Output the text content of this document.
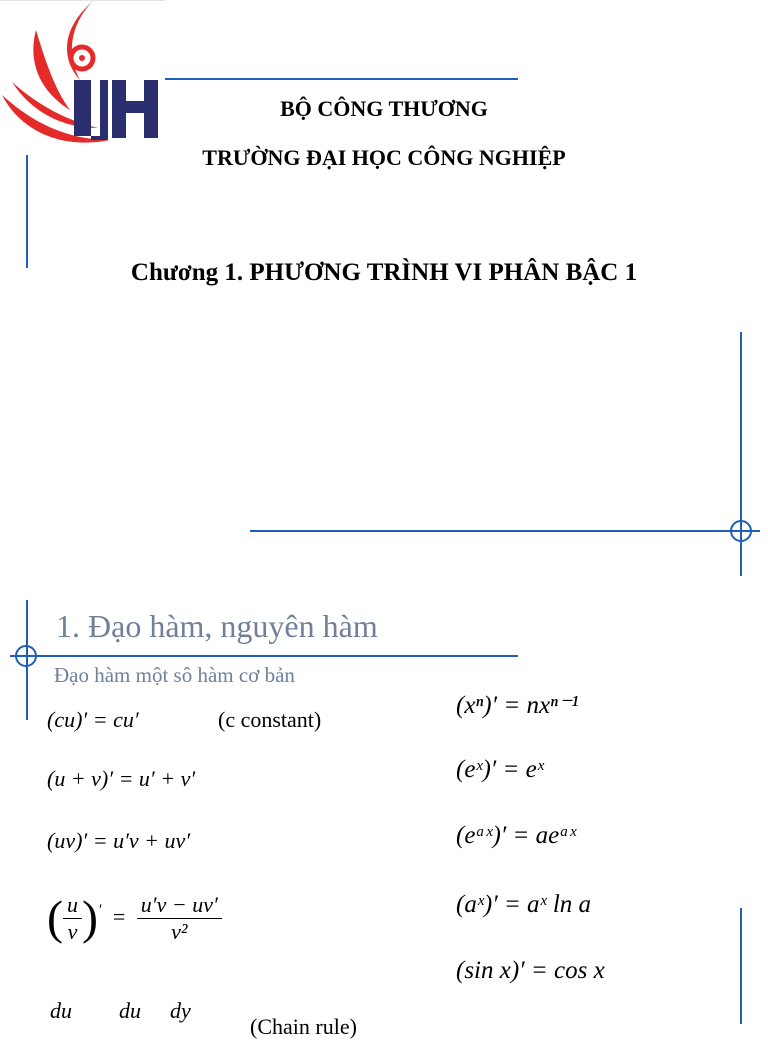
BỘ CÔNG THƯƠNG
TRƯỜNG ĐẠI HỌC CÔNG NGHIỆP
Chương 1. PHƯƠNG TRÌNH VI PHÂN BẬC 1
1. Đạo hàm, nguyên hàm
Đạo hàm một sô hàm cơ bản
(cu)′ = cu′	(c constant)
(u + v)′ = u′ + v′
(uv)′ = u′v + uv′
( $\frac{u}{v} )' = \frac{u'v - uv'}{\text{v²}}$
du du dy
(Chain rule)
(xⁿ)′ = nxⁿ⁻¹
(eˣ)′ = eˣ
(eᵃˣ)′ = aeᵃˣ
(aˣ)′ = aˣ ln a
(sin x)′ = cos x
